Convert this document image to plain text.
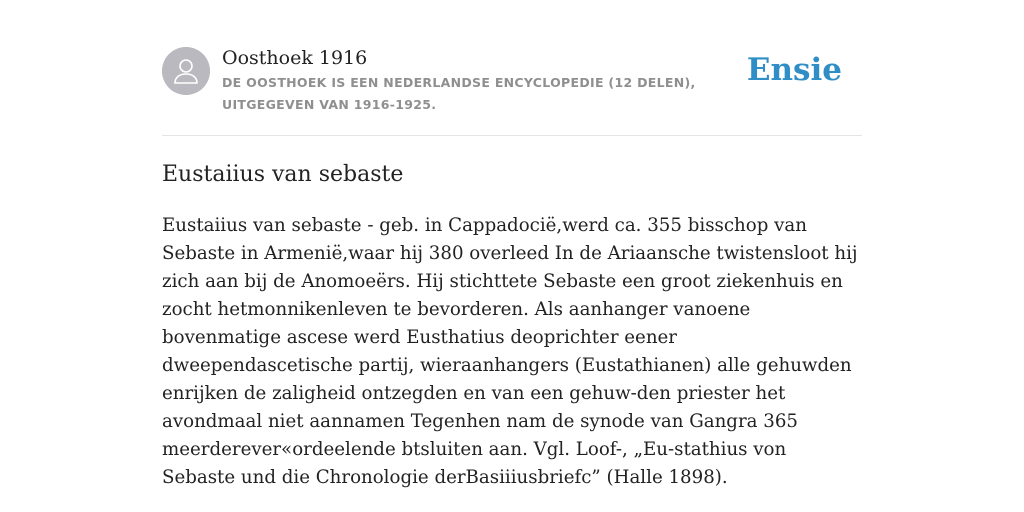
Oosthoek 1916
DE OOSTHOEK IS EEN NEDERLANDSE ENCYCLOPEDIE (12 DELEN), UITGEGEVEN VAN 1916-1925.
Ensie
Eustaiius van sebaste

Eustaiius van sebaste - geb. in Cappadocië,werd ca. 355 bisschop van Sebaste in Armenië,waar hij 380 overleed In de Ariaansche twistensloot hij zich aan bij de Anomoeërs. Hij stichttete Sebaste een groot ziekenhuis en zocht hetmonnikenleven te bevorderen. Als aanhanger vanoene bovenmatige ascese werd Eusthatius deoprichter eener dweependascetische partij, wieraanhangers (Eustathianen) alle gehuwden enrijken de zaligheid ontzegden en van een gehuw-den priester het avondmaal niet aannamen Tegenhen nam de synode van Gangra 365 meerderever«ordeelende btsluiten aan. Vgl. Loof-, „Eu-stathius von Sebaste und die Chronologie derBasiiiusbriefc” (Halle 1898).
